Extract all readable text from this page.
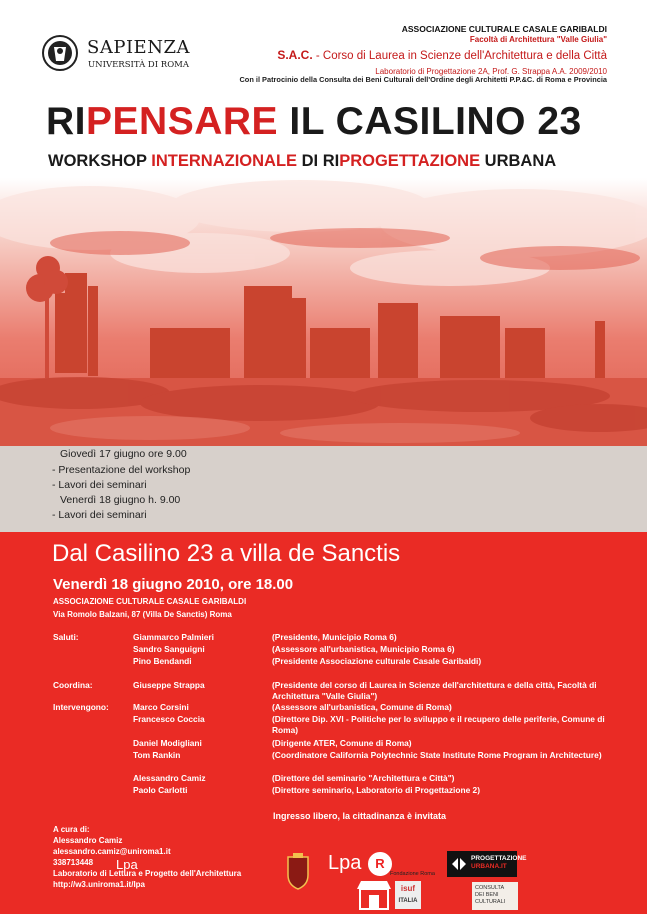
SAPIENZA
UNIVERSITÀ DI ROMA
ASSOCIAZIONE CULTURALE CASALE GARIBALDI
Facoltà di Architettura "Valle Giulia"
S.A.C. - Corso di Laurea in Scienze dell'Architettura e della Città
Laboratorio di Progettazione 2A, Prof. G. Strappa A.A. 2009/2010
Con il Patrocinio della Consulta dei Beni Culturali dell'Ordine degli Architetti P.P.&C. di Roma e Provincia
RIPENSARE IL CASILINO 23
WORKSHOP INTERNAZIONALE DI RIPROGETTAZIONE URBANA
Giovedì 17 giugno ore 9.00
- Presentazione del workshop
- Lavori dei seminari
Venerdì 18 giugno h. 9.00
- Lavori dei seminari
Dal Casilino 23 a villa de Sanctis
Venerdì 18 giugno 2010, ore 18.00
ASSOCIAZIONE CULTURALE CASALE GARIBALDI
Via Romolo Balzani, 87 (Villa De Sanctis) Roma
Saluti:
Coordina:
Intervengono:
Giammarco Palmieri
Sandro Sanguigni
Pino Bendandi
Giuseppe Strappa
Marco Corsini
Francesco Coccia
Daniel Modigliani
Tom Rankin
Alessandro Camiz
Paolo Carlotti
(Presidente, Municipio Roma 6)
(Assessore all'urbanistica, Municipio Roma 6)
(Presidente Associazione culturale Casale Garibaldi)
(Presidente del corso di Laurea in Scienze dell'architettura e della città, Facoltà di Architettura "Valle Giulia")
(Assessore all'urbanistica, Comune di Roma)
(Direttore Dip. XVI - Politiche per lo sviluppo e il recupero delle periferie, Comune di Roma)
(Dirigente ATER, Comune di Roma)
(Coordinatore California Polytechnic State Institute Rome Program in Architecture)
(Direttore del seminario "Architettura e Città")
(Direttore seminario, Laboratorio di Progettazione 2)
Ingresso libero, la cittadinanza è invitata
A cura di:
Alessandro Camiz
alessandro.camiz@uniroma1.it
338713448
Laboratorio di Lettura e Progetto dell'Architettura
http://w3.uniroma1.it/lpa
Lpa	Lpa	R
Fondazione Roma
PROGETTAZIONE
URBANA.IT
isuf
ITALIA
CONSULTA
DEI BENI
CULTURALI
